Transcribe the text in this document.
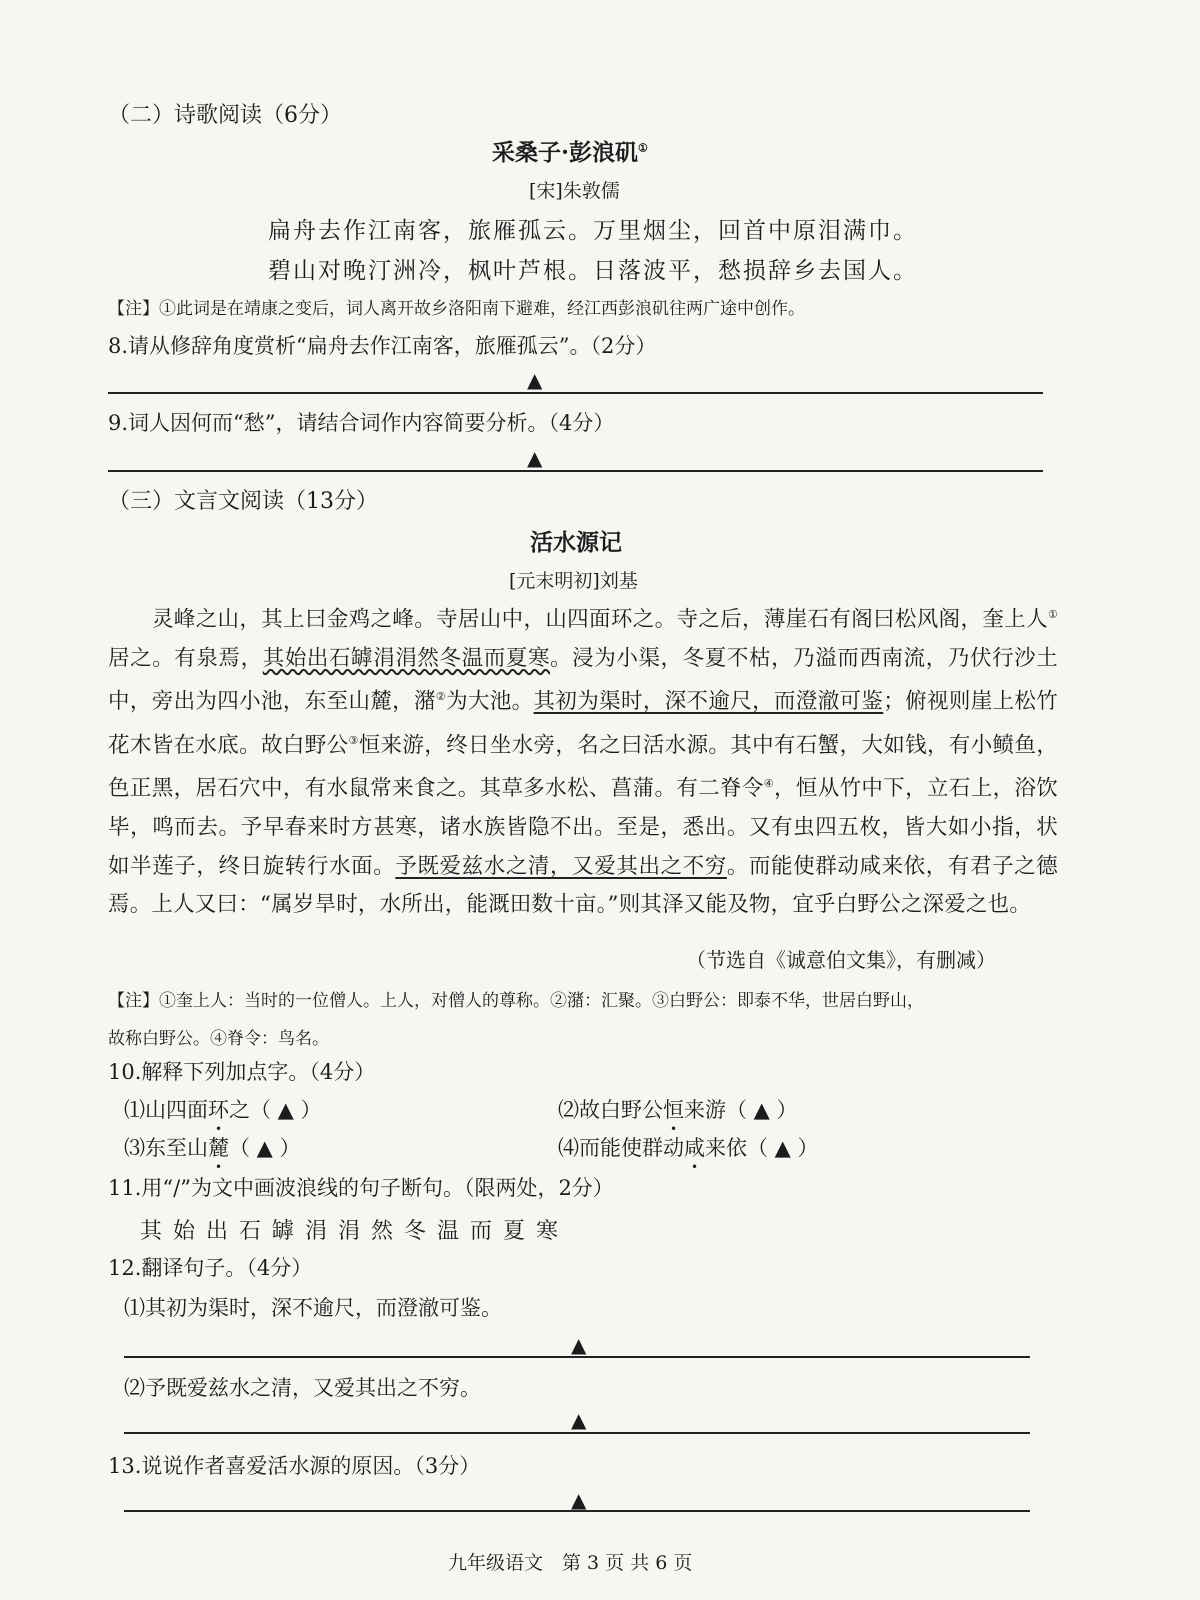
（二）诗歌阅读（6分）
采桑子·彭浪矶①
[宋]朱敦儒
扁舟去作江南客，旅雁孤云。万里烟尘，回首中原泪满巾。
碧山对晚汀洲冷，枫叶芦根。日落波平，愁损辞乡去国人。
【注】①此词是在靖康之变后，词人离开故乡洛阳南下避难，经江西彭浪矶往两广途中创作。
8.请从修辞角度赏析“扁舟去作江南客，旅雁孤云”。（2分）
▲
9.词人因何而“愁”，请结合词作内容简要分析。（4分）
▲
（三）文言文阅读（13分）
活水源记
[元末明初]刘基

灵峰之山，其上曰金鸡之峰。寺居山中，山四面环之。寺之后，薄崖石有阁曰松风阁，奎上人①居之。有泉焉，其始出石罅涓涓然冬温而夏寒。浸为小渠，冬夏不枯，乃溢而西南流，乃伏行沙土中，旁出为四小池，东至山麓，潴②为大池。其初为渠时，深不逾尺，而澄澈可鉴；俯视则崖上松竹花木皆在水底。故白野公③恒来游，终日坐水旁，名之曰活水源。其中有石蟹，大如钱，有小鲼鱼，色正黑，居石穴中，有水鼠常来食之。其草多水松、菖蒲。有二脊令④，恒从竹中下，立石上，浴饮毕，鸣而去。予早春来时方甚寒，诸水族皆隐不出。至是，悉出。又有虫四五枚，皆大如小指，状如半莲子，终日旋转行水面。予既爱兹水之清，又爱其出之不穷。而能使群动咸来依，有君子之德焉。上人又曰：“属岁旱时，水所出，能溉田数十亩。”则其泽又能及物，宜乎白野公之深爱之也。

（节选自《诚意伯文集》，有删减）
【注】①奎上人：当时的一位僧人。上人，对僧人的尊称。②潴：汇聚。③白野公：即泰不华，世居白野山，
故称白野公。④脊令：鸟名。
10.解释下列加点字。（4分）
⑴山四面环之（ ▲ ）	⑵故白野公恒来游（ ▲ ）
⑶东至山麓（ ▲ ）	⑷而能使群动咸来依（ ▲ ）
11.用“/”为文中画波浪线的句子断句。（限两处，2分）
其始出石罅涓涓然冬温而夏寒
12.翻译句子。（4分）
⑴其初为渠时，深不逾尺，而澄澈可鉴。
▲
⑵予既爱兹水之清，又爱其出之不穷。
▲
13.说说作者喜爱活水源的原因。（3分）
▲
九年级语文　第 3 页 共 6 页
